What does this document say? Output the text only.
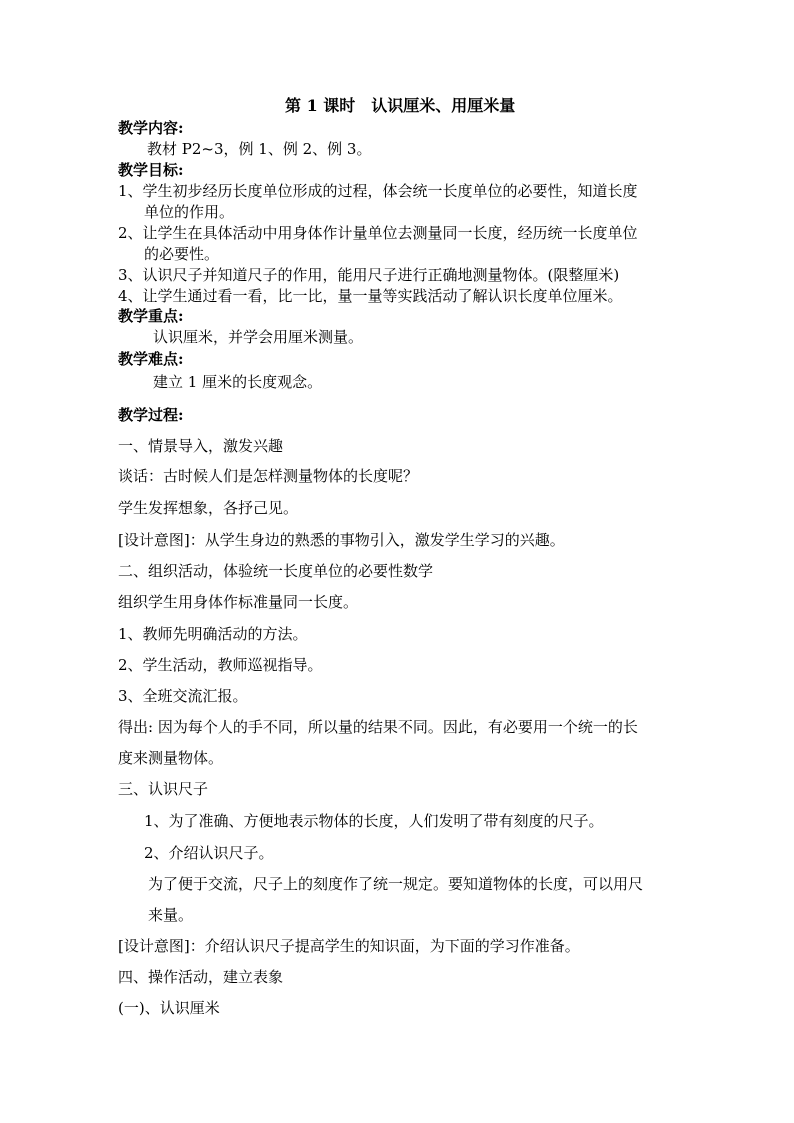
第 1 课时　认识厘米、用厘米量
教学内容:
教材 P2~3，例 1、例 2、例 3。
教学目标:
1、学生初步经历长度单位形成的过程，体会统一长度单位的必要性，知道长度
单位的作用。
2、让学生在具体活动中用身体作计量单位去测量同一长度，经历统一长度单位
的必要性。
3、认识尺子并知道尺子的作用，能用尺子进行正确地测量物体。(限整厘米)
4、让学生通过看一看，比一比，量一量等实践活动了解认识长度单位厘米。
教学重点:
认识厘米，并学会用厘米测量。
教学难点:
建立 1 厘米的长度观念。
教学过程:
一、情景导入，激发兴趣
谈话：古时候人们是怎样测量物体的长度呢？
学生发挥想象，各抒己见。
[设计意图]：从学生身边的熟悉的事物引入，激发学生学习的兴趣。
二、组织活动，体验统一长度单位的必要性数学
组织学生用身体作标准量同一长度。
1、教师先明确活动的方法。
2、学生活动，教师巡视指导。
3、全班交流汇报。
得出: 因为每个人的手不同，所以量的结果不同。因此，有必要用一个统一的长
度来测量物体。
三、认识尺子
1、为了准确、方便地表示物体的长度，人们发明了带有刻度的尺子。
2、介绍认识尺子。
为了便于交流，尺子上的刻度作了统一规定。要知道物体的长度，可以用尺
来量。
[设计意图]：介绍认识尺子提高学生的知识面，为下面的学习作准备。
四、操作活动，建立表象
(一)、认识厘米
